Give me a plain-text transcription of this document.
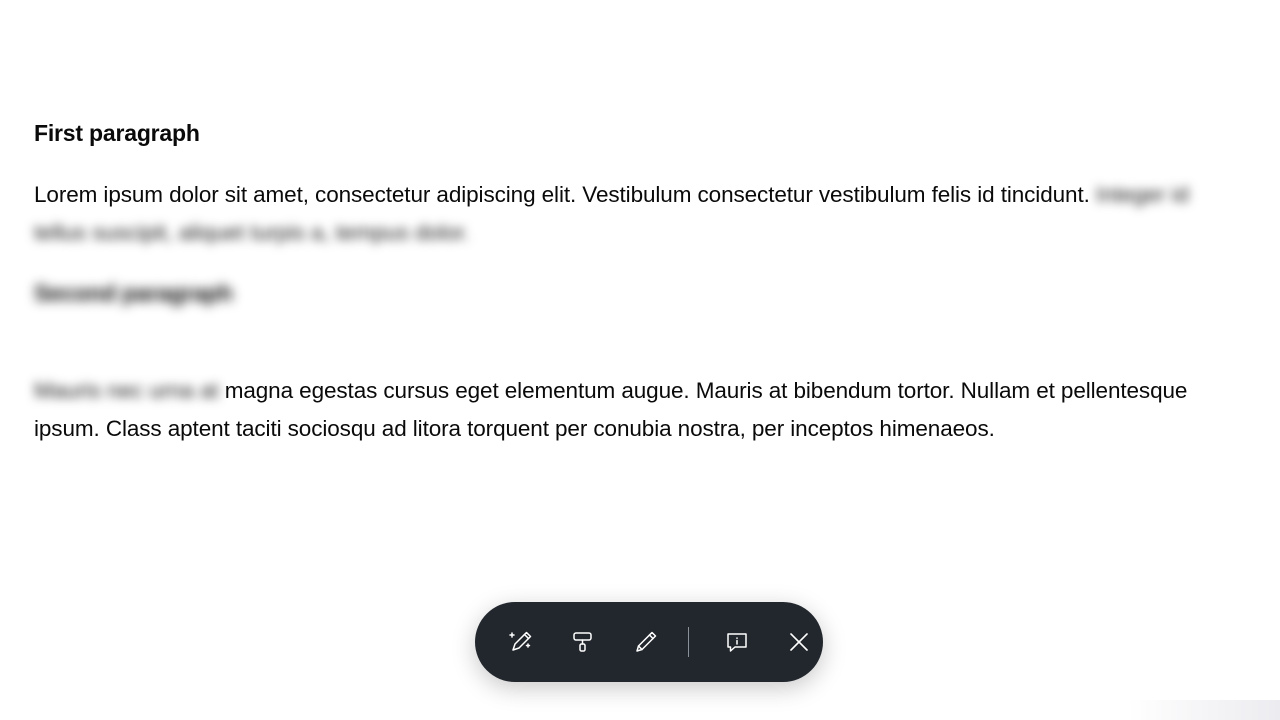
First paragraph

Lorem ipsum dolor sit amet, consectetur adipiscing elit. Vestibulum consectetur vestibulum felis id tincidunt. Integer id tellus suscipit, aliquet turpis a, tempus dolor.

Second paragraph

Mauris nec urna at magna egestas cursus eget elementum augue. Mauris at bibendum tortor. Nullam et pellentesque ipsum. Class aptent taciti sociosqu ad litora torquent per conubia nostra, per inceptos himenaeos.
